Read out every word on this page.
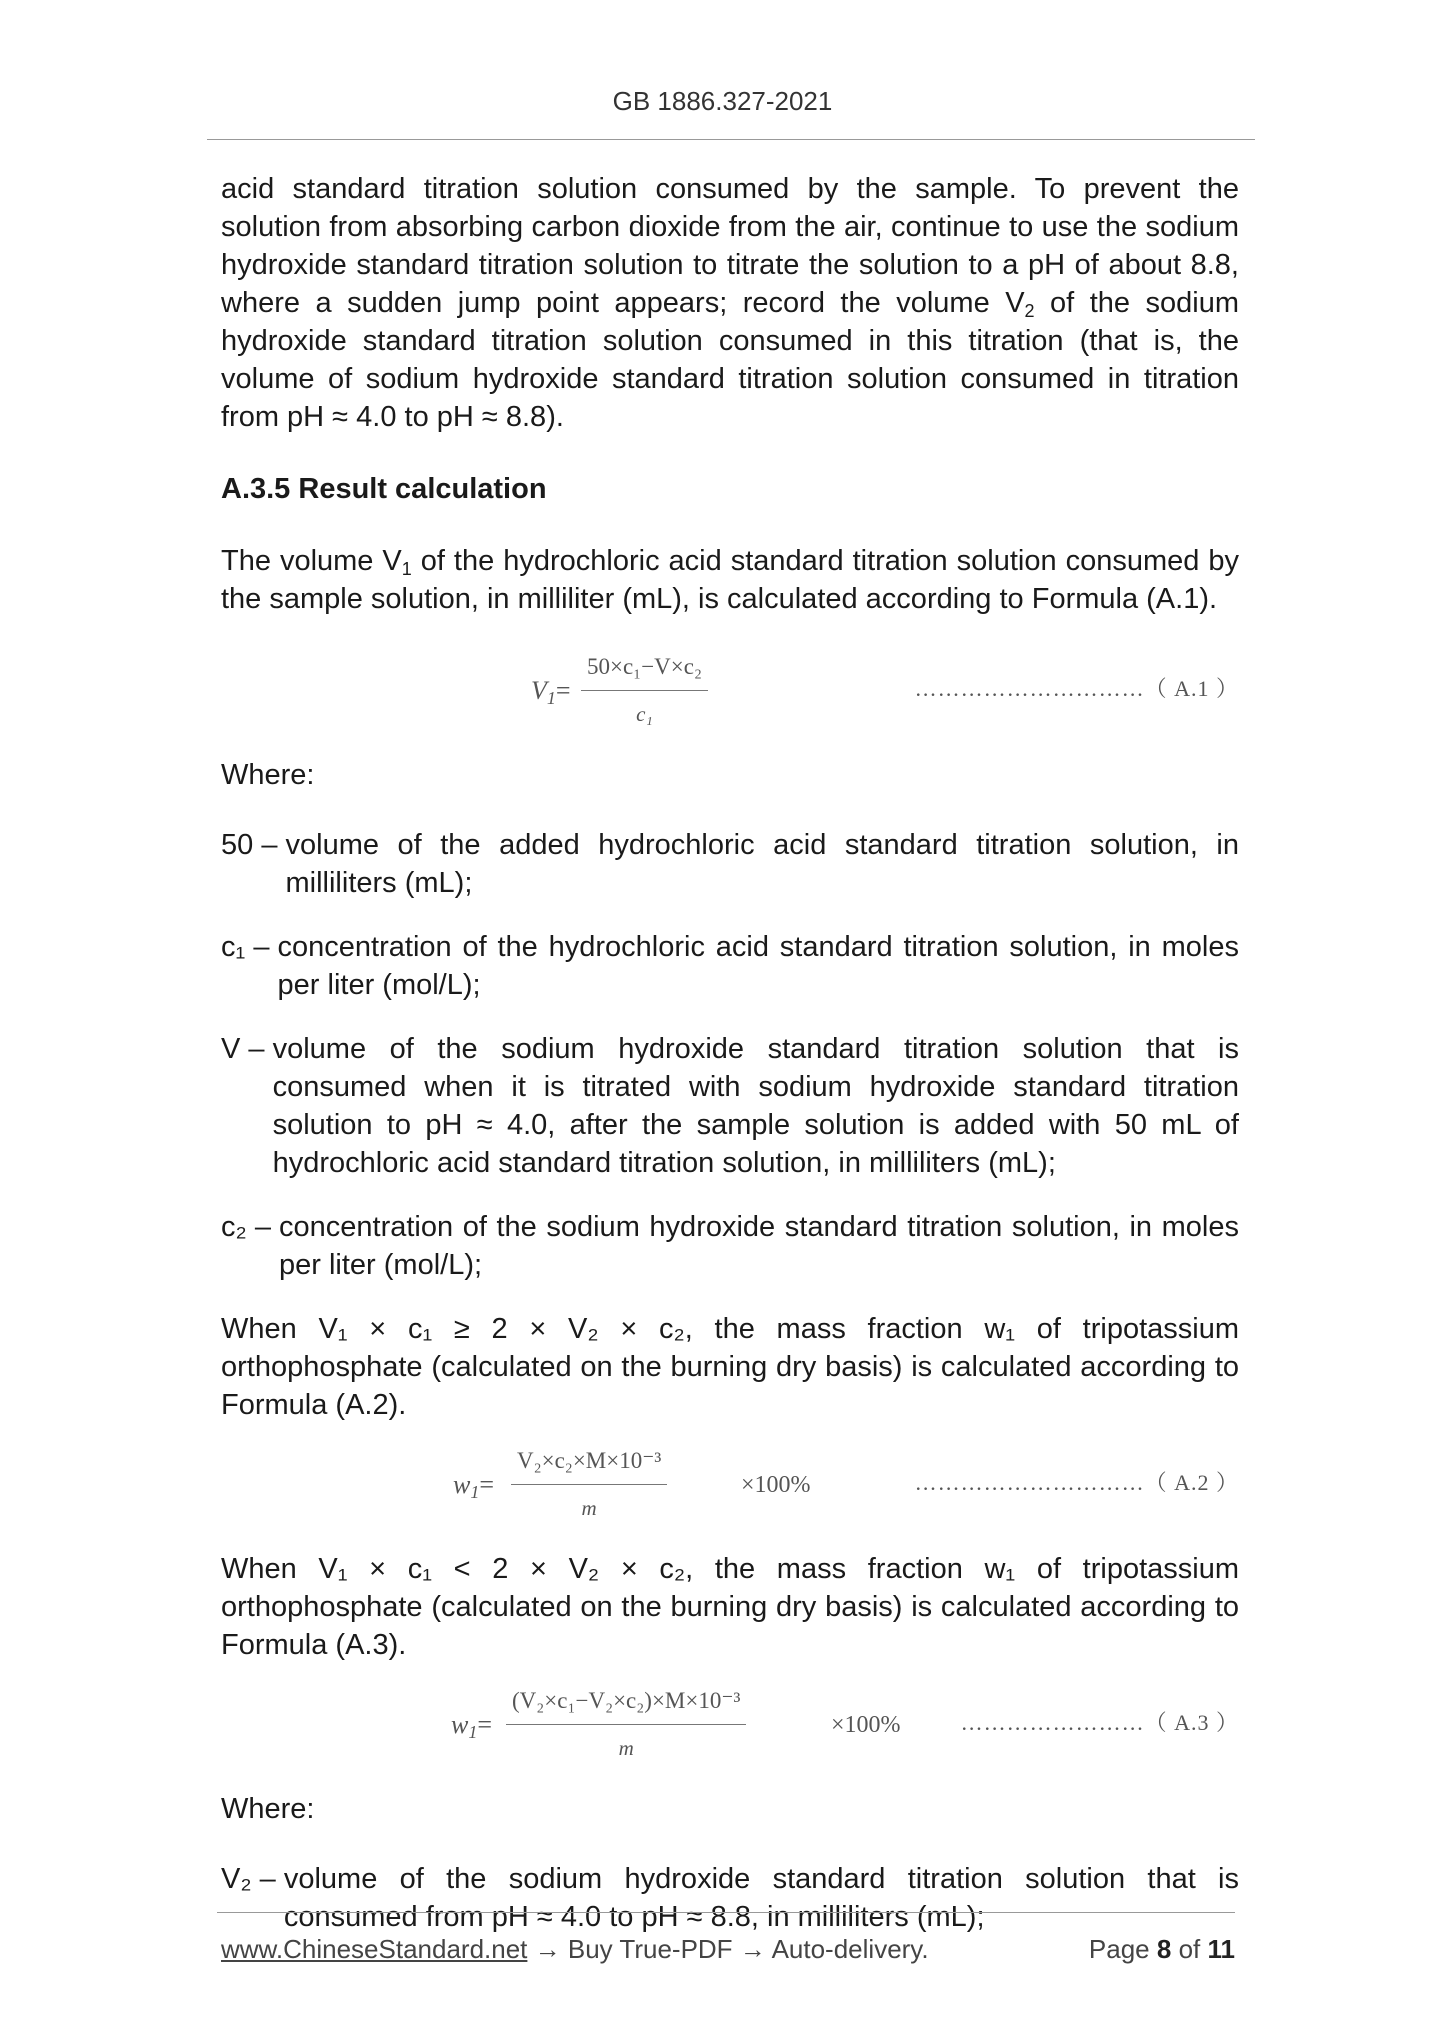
GB 1886.327-2021

acid standard titration solution consumed by the sample. To prevent the solution from absorbing carbon dioxide from the air, continue to use the sodium hydroxide standard titration solution to titrate the solution to a pH of about 8.8, where a sudden jump point appears; record the volume $V_2$ of the sodium hydroxide standard titration solution consumed in this titration (that is, the volume of sodium hydroxide standard titration solution consumed in titration from pH ≈ 4.0 to pH ≈ 8.8).

A.3.5 Result calculation

The volume $V_1$ of the hydrochloric acid standard titration solution consumed by the sample solution, in milliliter (mL), is calculated according to Formula (A.1).

$V_1= \frac{\text{50×c₁−V×c₂}}{\text{c₁}}$	…………………………（ A.1 ）

Where:

50 – volume of the added hydrochloric acid standard titration solution, in milliliters (mL);
c₁ – concentration of the hydrochloric acid standard titration solution, in moles per liter (mol/L);
V – volume of the sodium hydroxide standard titration solution that is consumed when it is titrated with sodium hydroxide standard titration solution to pH ≈ 4.0, after the sample solution is added with 50 mL of hydrochloric acid standard titration solution, in milliliters (mL);
c₂ – concentration of the sodium hydroxide standard titration solution, in moles per liter (mol/L);

When V₁ × c₁ ≥ 2 × V₂ × c₂, the mass fraction w₁ of tripotassium orthophosphate (calculated on the burning dry basis) is calculated according to Formula (A.2).

$w_1= \frac{\text{V₂×c₂×M×10⁻³}}{m}$	×100%	…………………………（ A.2 ）

When V₁ × c₁ < 2 × V₂ × c₂, the mass fraction w₁ of tripotassium orthophosphate (calculated on the burning dry basis) is calculated according to Formula (A.3).

$w_1= \frac{\text{(V₂×c₁−V₂×c₂)×M×10⁻³}}{m}$	×100%	……………………（ A.3 ）

Where:

V₂ – volume of the sodium hydroxide standard titration solution that is consumed from pH ≈ 4.0 to pH ≈ 8.8, in milliliters (mL);
www.ChineseStandard.net → Buy True-PDF → Auto-delivery.	Page 8 of 11
